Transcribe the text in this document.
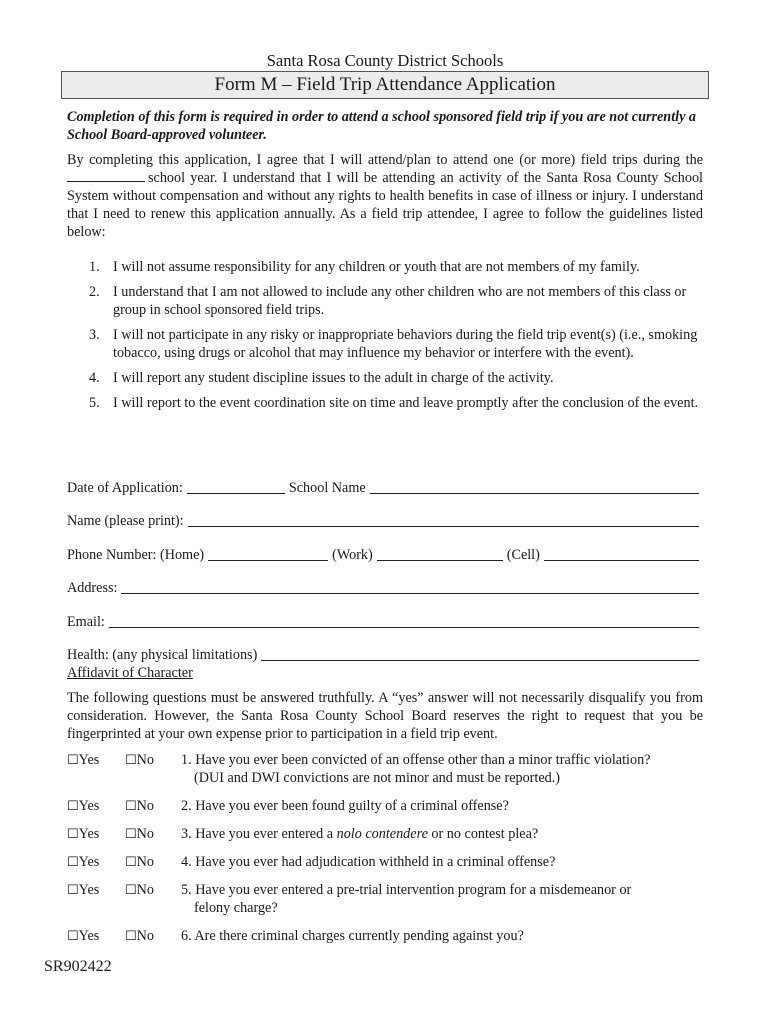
Santa Rosa County District Schools
Form M – Field Trip Attendance Application
Completion of this form is required in order to attend a school sponsored field trip if you are not currently a School Board-approved volunteer.
By completing this application, I agree that I will attend/plan to attend one (or more) field trips during the school year. I understand that I will be attending an activity of the Santa Rosa County School System without compensation and without any rights to health benefits in case of illness or injury. I understand that I need to renew this application annually. As a field trip attendee, I agree to follow the guidelines listed below:
1. I will not assume responsibility for any children or youth that are not members of my family.
2. I understand that I am not allowed to include any other children who are not members of this class or group in school sponsored field trips.
3. I will not participate in any risky or inappropriate behaviors during the field trip event(s) (i.e., smoking tobacco, using drugs or alcohol that may influence my behavior or interfere with the event).
4. I will report any student discipline issues to the adult in charge of the activity.
5. I will report to the event coordination site on time and leave promptly after the conclusion of the event.
Date of Application:	School Name
Name (please print):
Phone Number: (Home)	(Work)	(Cell)
Address:
Email:
Health: (any physical limitations)
Affidavit of Character
The following questions must be answered truthfully. A “yes” answer will not necessarily disqualify you from consideration. However, the Santa Rosa County School Board reserves the right to request that you be fingerprinted at your own expense prior to participation in a field trip event.
☐Yes ☐No 1. Have you ever been convicted of an offense other than a minor traffic violation?
(DUI and DWI convictions are not minor and must be reported.)
☐Yes ☐No 2. Have you ever been found guilty of a criminal offense?
☐Yes ☐No 3. Have you ever entered a nolo contendere or no contest plea?
☐Yes ☐No 4. Have you ever had adjudication withheld in a criminal offense?
☐Yes ☐No 5. Have you ever entered a pre-trial intervention program for a misdemeanor or
felony charge?
☐Yes ☐No 6. Are there criminal charges currently pending against you?
SR902422
